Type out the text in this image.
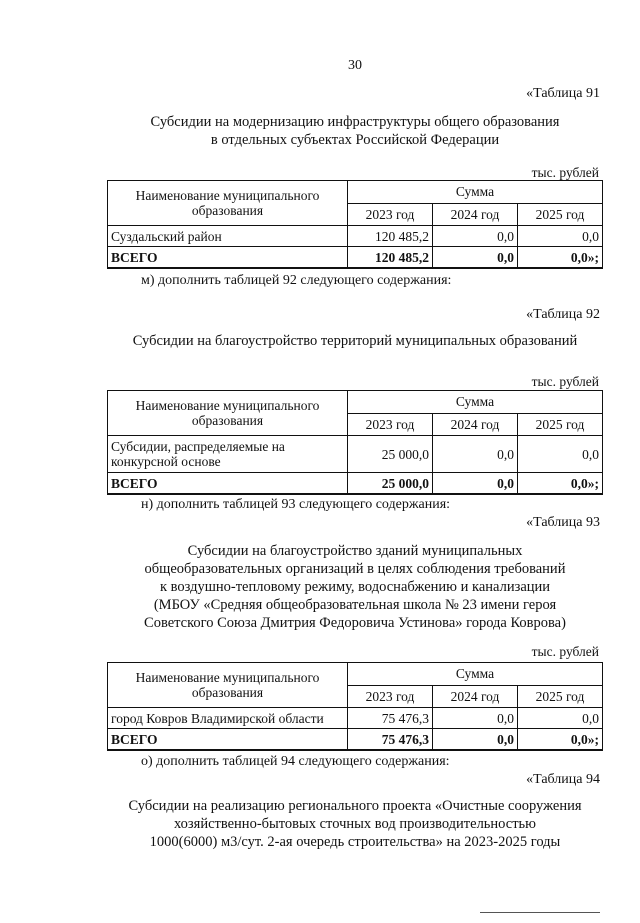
30
«Таблица 91
Субсидии на модернизацию инфраструктуры общего образования
в отдельных субъектах Российской Федерации
тыс. рублей
Наименование муниципального образования	Сумма		
	2023 год	2024 год	2025 год
Суздальский район	120 485,2	0,0	0,0
ВСЕГО	120 485,2	0,0	0,0»;
м) дополнить таблицей 92 следующего содержания:
«Таблица 92
Субсидии на благоустройство территорий муниципальных образований
тыс. рублей
Наименование муниципального образования	Сумма		
	2023 год	2024 год	2025 год
Субсидии, распределяемые на конкурсной основе	25 000,0	0,0	0,0
ВСЕГО	25 000,0	0,0	0,0»;
н) дополнить таблицей 93 следующего содержания:
«Таблица 93
Субсидии на благоустройство зданий муниципальных
общеобразовательных организаций в целях соблюдения требований
к воздушно-тепловому режиму, водоснабжению и канализации
(МБОУ «Средняя общеобразовательная школа № 23 имени героя
Советского Союза Дмитрия Федоровича Устинова» города Коврова)
тыс. рублей
Наименование муниципального образования	Сумма		
	2023 год	2024 год	2025 год
город Ковров Владимирской области	75 476,3	0,0	0,0
ВСЕГО	75 476,3	0,0	0,0»;
о) дополнить таблицей 94 следующего содержания:
«Таблица 94
Субсидии на реализацию регионального проекта «Очистные сооружения
хозяйственно-бытовых сточных вод производительностью
1000(6000) м3/сут. 2-ая очередь строительства» на 2023-2025 годы
